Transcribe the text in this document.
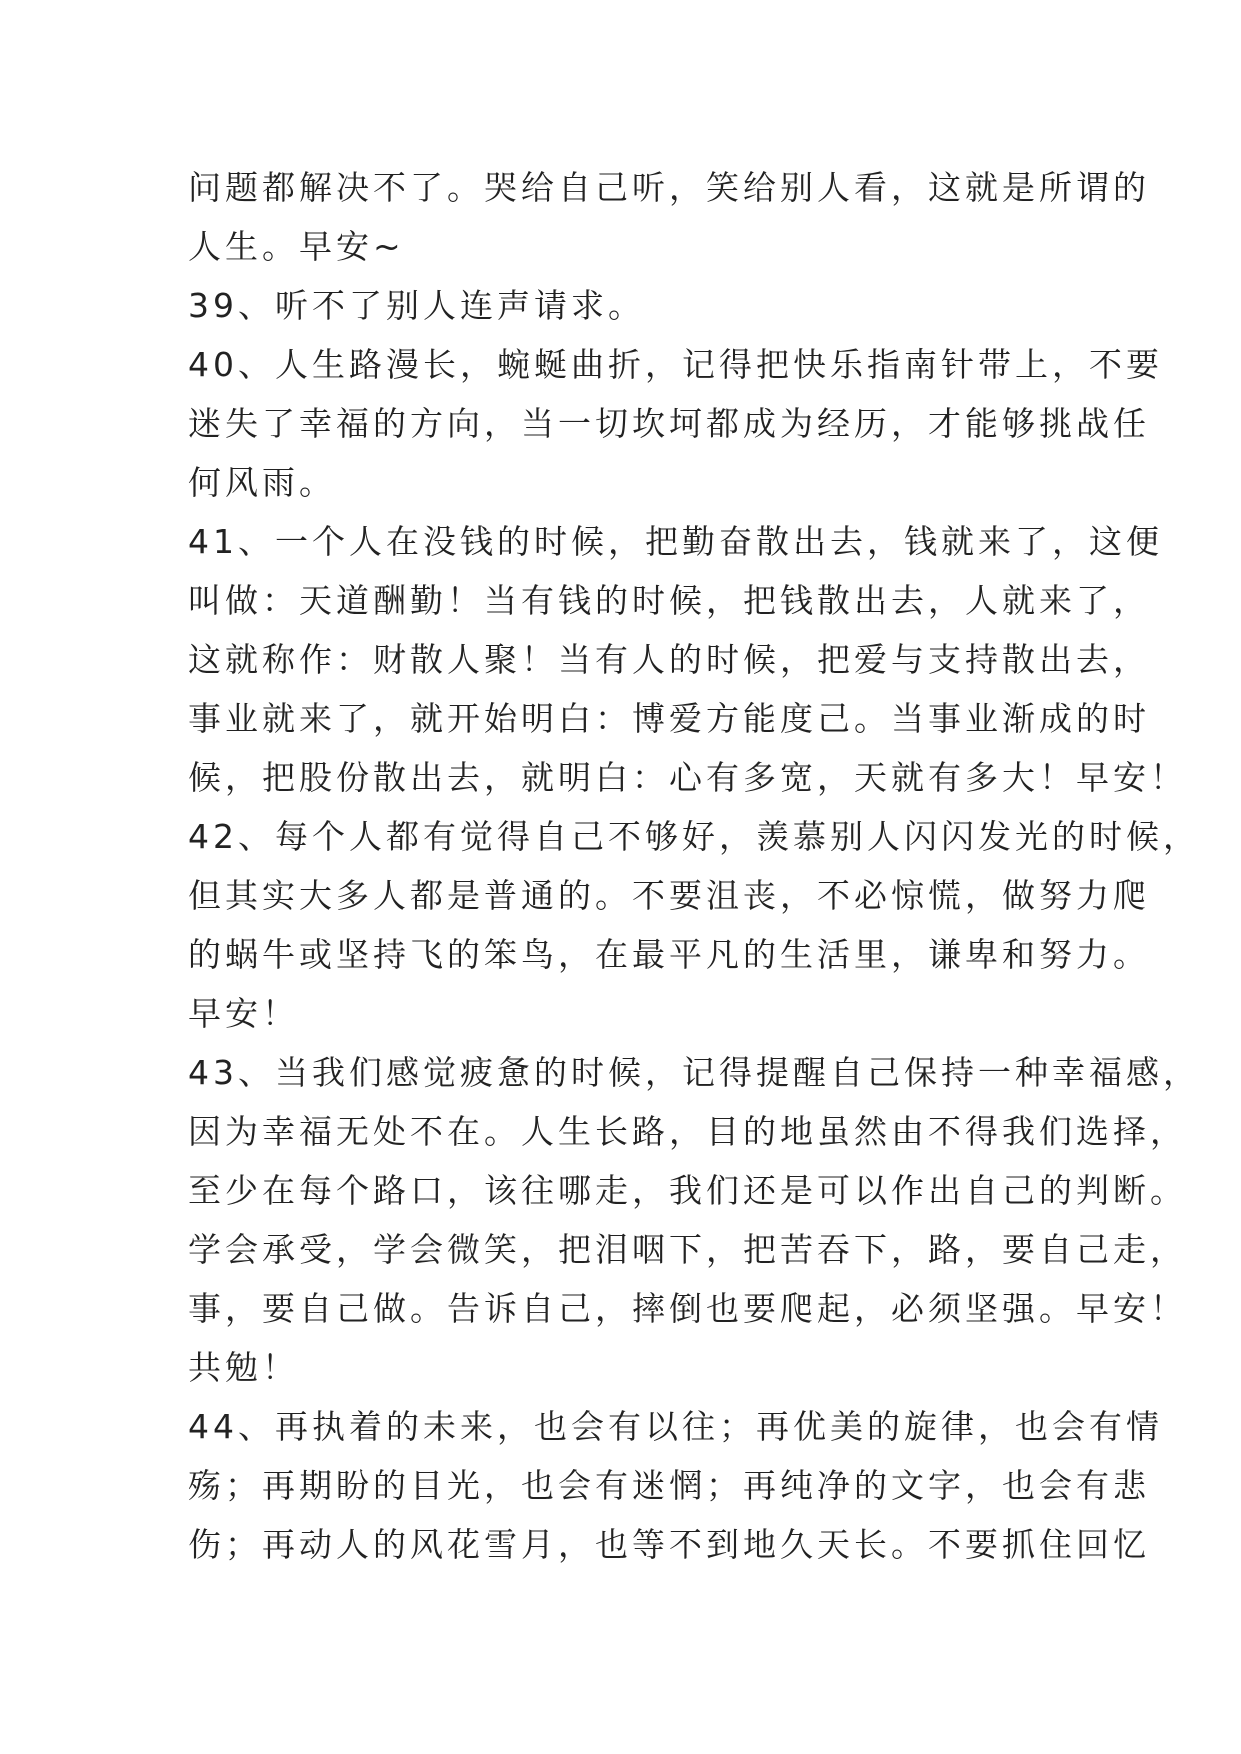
问题都解决不了。哭给自己听，笑给别人看，这就是所谓的
人生。早安~
39、听不了别人连声请求。
40、人生路漫长，蜿蜒曲折，记得把快乐指南针带上，不要
迷失了幸福的方向，当一切坎坷都成为经历，才能够挑战任
何风雨。
41、一个人在没钱的时候，把勤奋散出去，钱就来了，这便
叫做：天道酬勤！当有钱的时候，把钱散出去，人就来了，
这就称作：财散人聚！当有人的时候，把爱与支持散出去，
事业就来了，就开始明白：博爱方能度己。当事业渐成的时
候，把股份散出去，就明白：心有多宽，天就有多大！早安！
42、每个人都有觉得自己不够好，羡慕别人闪闪发光的时候，
但其实大多人都是普通的。不要沮丧，不必惊慌，做努力爬
的蜗牛或坚持飞的笨鸟，在最平凡的生活里，谦卑和努力。
早安！
43、当我们感觉疲惫的时候，记得提醒自己保持一种幸福感，
因为幸福无处不在。人生长路，目的地虽然由不得我们选择，
至少在每个路口，该往哪走，我们还是可以作出自己的判断。
学会承受，学会微笑，把泪咽下，把苦吞下，路，要自己走，
事，要自己做。告诉自己，摔倒也要爬起，必须坚强。早安！
共勉！
44、再执着的未来，也会有以往；再优美的旋律，也会有情
殇；再期盼的目光，也会有迷惘；再纯净的文字，也会有悲
伤；再动人的风花雪月，也等不到地久天长。不要抓住回忆
